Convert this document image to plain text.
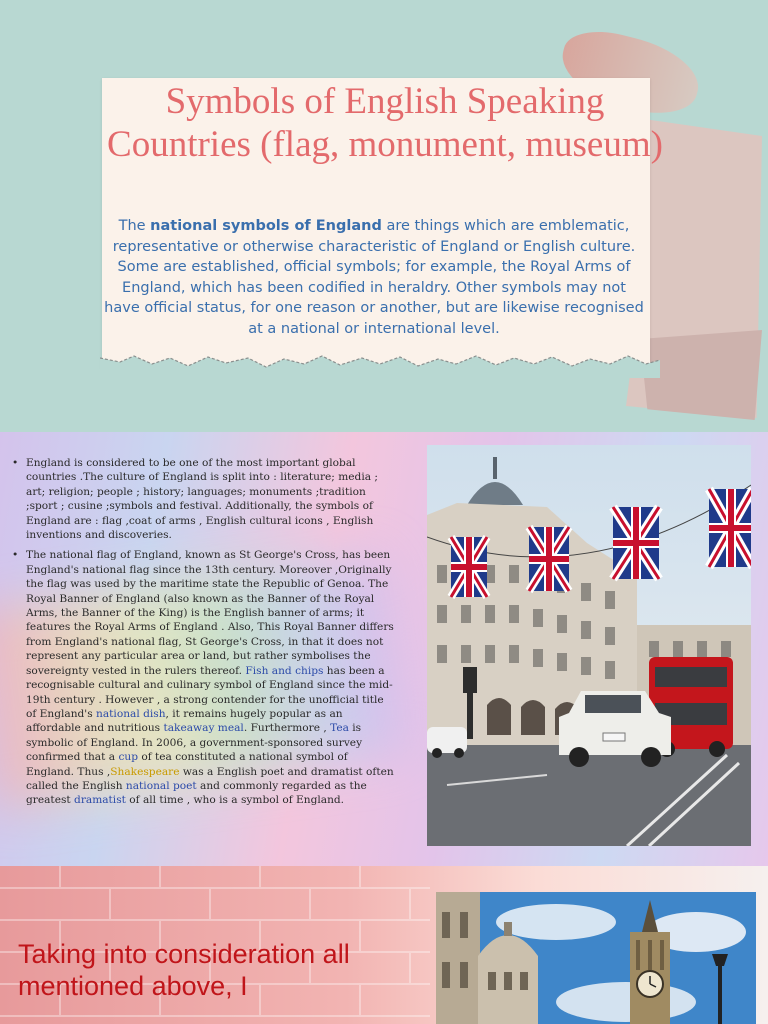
Symbols of English Speaking Countries (flag, monument, museum)

The national symbols of England are things which are emblematic, representative or otherwise characteristic of England or English culture. Some are established, official symbols; for example, the Royal Arms of England, which has been codified in heraldry. Other symbols may not have official status, for one reason or another, but are likewise recognised at a national or international level.

• England is considered to be one of the most important global countries .The culture of England is split into : literature; media ; art; religion; people ; history; languages; monuments ;tradition ;sport ; cusine ;symbols and festival. Additionally, the symbols of England are : flag ,coat of arms , English cultural icons , English inventions and discoveries.
• The national flag of England, known as St George's Cross, has been England's national flag since the 13th century. Moreover ,Originally the flag was used by the maritime state the Republic of Genoa. The Royal Banner of England (also known as the Banner of the Royal Arms, the Banner of the King) is the English banner of arms; it features the Royal Arms of England . Also, This Royal Banner differs from England's national flag, St George's Cross, in that it does not represent any particular area or land, but rather symbolises the sovereignty vested in the rulers thereof. Fish and chips has been a recognisable cultural and culinary symbol of England since the mid-19th century . However , a strong contender for the unofficial title of England's national dish, it remains hugely popular as an affordable and nutritious takeaway meal. Furthermore , Tea is symbolic of England. In 2006, a government-sponsored survey confirmed that a cup of tea constituted a national symbol of England. Thus ,Shakespeare was a English poet and dramatist often called the English national poet and commonly regarded as the greatest dramatist of all time , who is a symbol of England.

Taking into consideration all mentioned above, I
